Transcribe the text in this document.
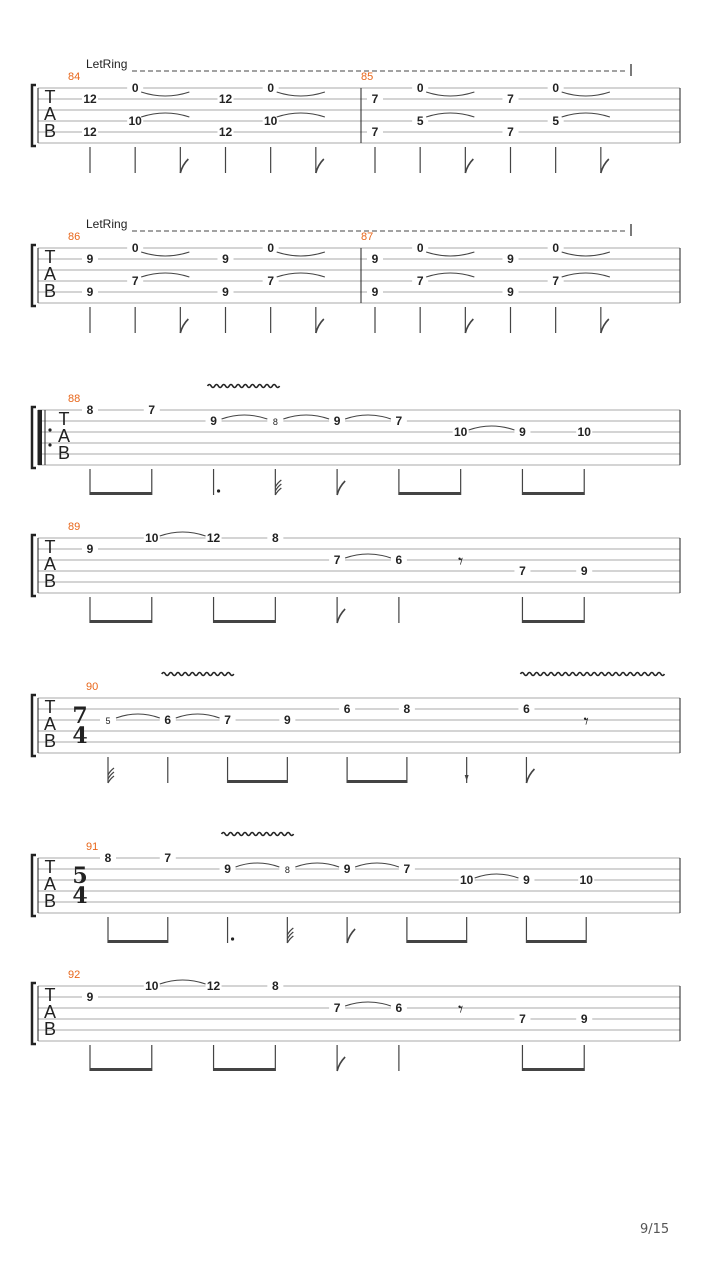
T
A
B
LetRing
84
12
12
0
10
12
12
0
10
85
7
7
0
5
7
7
0
5
T
A
B
LetRing
86
9
9
0
7
9
9
0
7
87
9
9
0
7
9
9
0
7
T
A
B
88
8	7
9	8	9	7
10	9	10
T
A
B
89
9
10	12	8
7	6	𝄾	7	9
T
A
B
7
4
90
5	6	7	9
6	8	6	𝄾
T
A
B
5
4
91
8	7
9	8	9	7
10	9	10
T
A
B
92
9
10	12	8
7	6	𝄾	7	9
9/15
